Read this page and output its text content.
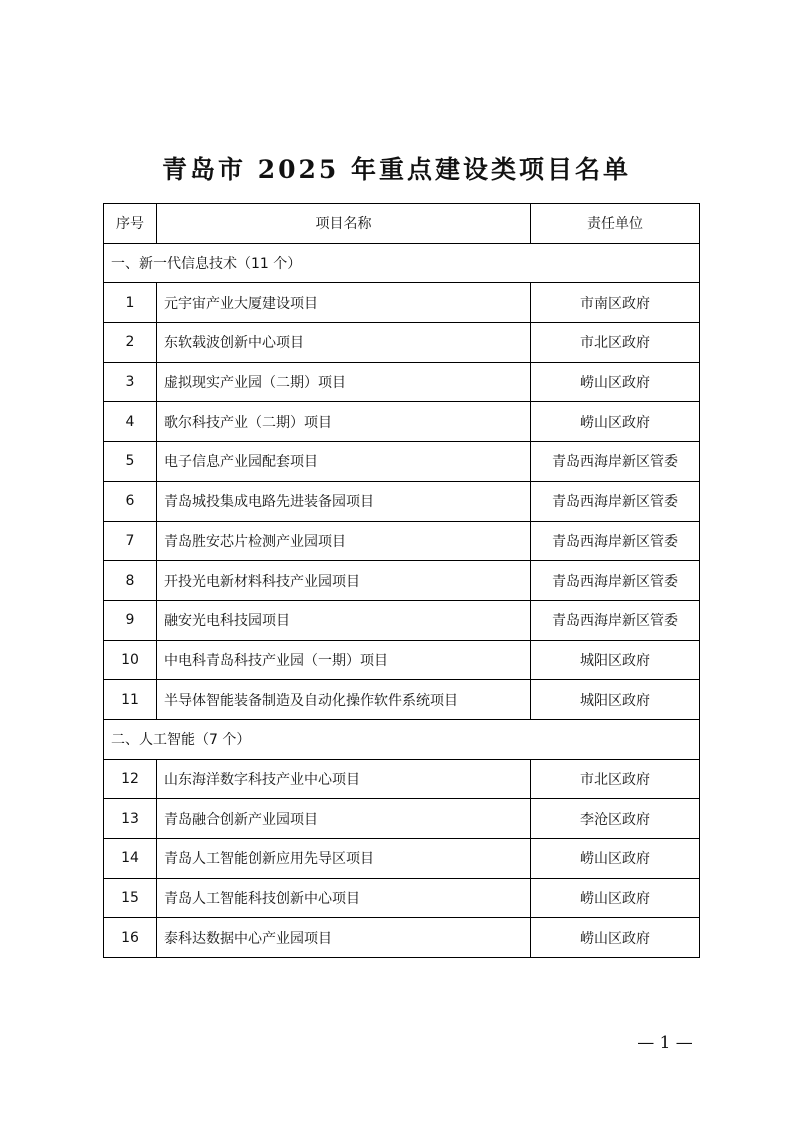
青岛市 2025 年重点建设类项目名单
序号	项目名称	责任单位
一、新一代信息技术（11 个）		
1	元宇宙产业大厦建设项目	市南区政府
2	东软载波创新中心项目	市北区政府
3	虚拟现实产业园（二期）项目	崂山区政府
4	歌尔科技产业（二期）项目	崂山区政府
5	电子信息产业园配套项目	青岛西海岸新区管委
6	青岛城投集成电路先进装备园项目	青岛西海岸新区管委
7	青岛胜安芯片检测产业园项目	青岛西海岸新区管委
8	开投光电新材料科技产业园项目	青岛西海岸新区管委
9	融安光电科技园项目	青岛西海岸新区管委
10	中电科青岛科技产业园（一期）项目	城阳区政府
11	半导体智能装备制造及自动化操作软件系统项目	城阳区政府
二、人工智能（7 个）		
12	山东海洋数字科技产业中心项目	市北区政府
13	青岛融合创新产业园项目	李沧区政府
14	青岛人工智能创新应用先导区项目	崂山区政府
15	青岛人工智能科技创新中心项目	崂山区政府
16	泰科达数据中心产业园项目	崂山区政府
— 1 —
